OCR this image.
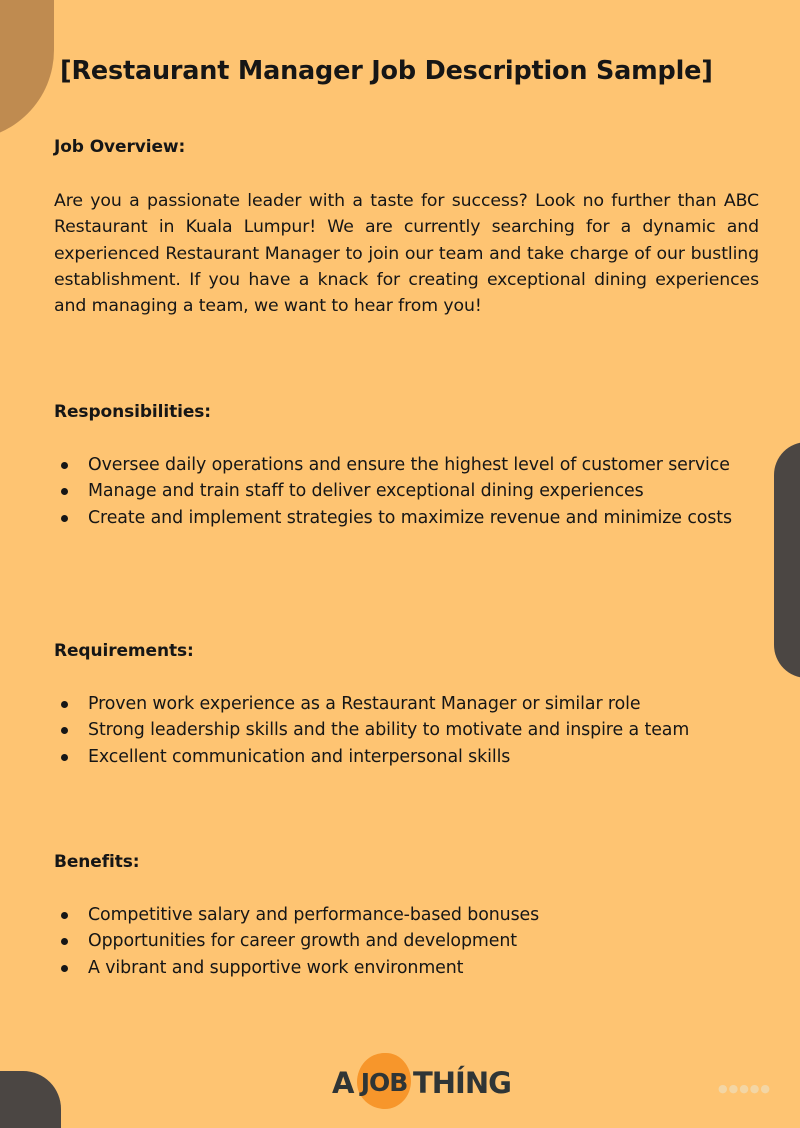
[Restaurant Manager Job Description Sample]
Job Overview:

Are you a passionate leader with a taste for success? Look no further than ABC Restaurant in Kuala Lumpur! We are currently searching for a dynamic and experienced Restaurant Manager to join our team and take charge of our bustling establishment. If you have a knack for creating exceptional dining experiences and managing a team, we want to hear from you!

Responsibilities:
Oversee daily operations and ensure the highest level of customer service
Manage and train staff to deliver exceptional dining experiences
Create and implement strategies to maximize revenue and minimize costs
Requirements:
Proven work experience as a Restaurant Manager or similar role
Strong leadership skills and the ability to motivate and inspire a team
Excellent communication and interpersonal skills
Benefits:
Competitive salary and performance-based bonuses
Opportunities for career growth and development
A vibrant and supportive work environment
A JOB THÍNG	●●●●●
